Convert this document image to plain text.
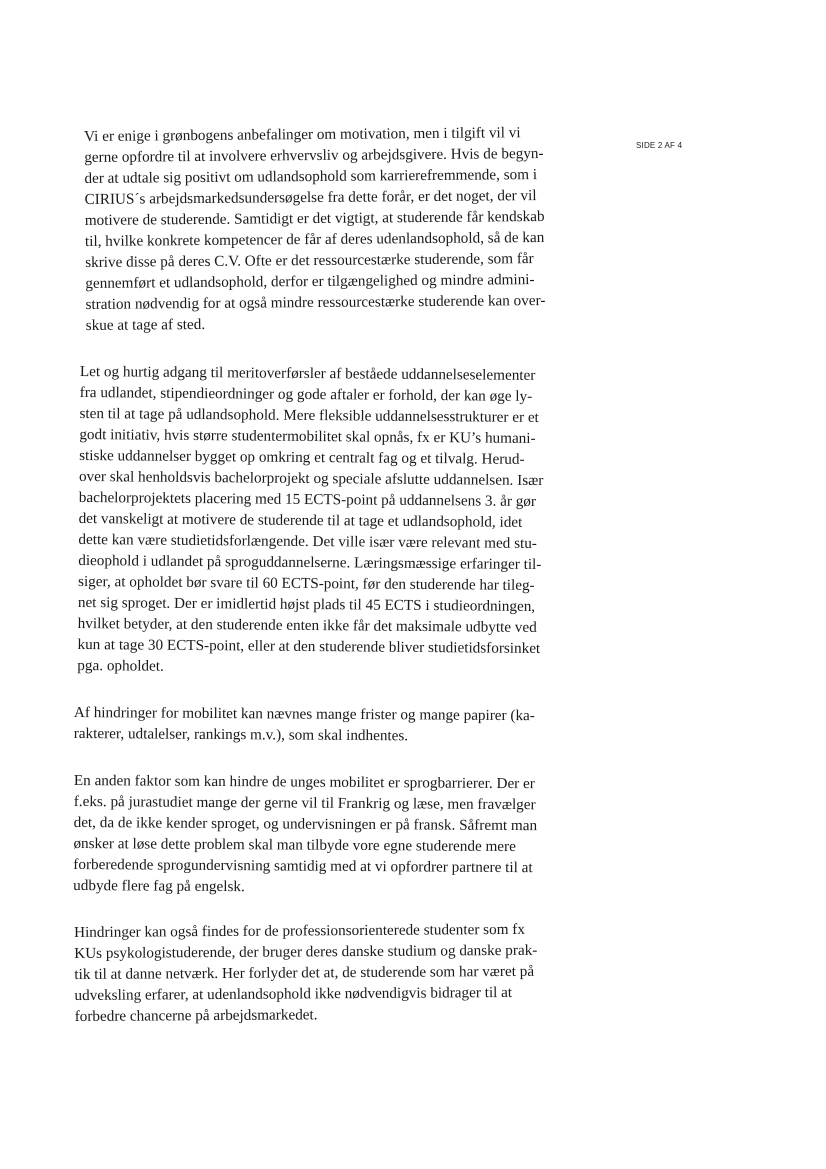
SIDE 2 AF 4

Vi er enige i grønbogens anbefalinger om motivation, men i tilgift vil vi
gerne opfordre til at involvere erhvervsliv og arbejdsgivere. Hvis de begyn-
der at udtale sig positivt om udlandsophold som karrierefremmende, som i
CIRIUS´s arbejdsmarkedsundersøgelse fra dette forår, er det noget, der vil
motivere de studerende. Samtidigt er det vigtigt, at studerende får kendskab
til, hvilke konkrete kompetencer de får af deres udenlandsophold, så de kan
skrive disse på deres C.V. Ofte er det ressourcestærke studerende, som får
gennemført et udlandsophold, derfor er tilgængelighed og mindre admini-
stration nødvendig for at også mindre ressourcestærke studerende kan over-
skue at tage af sted.

Let og hurtig adgang til meritoverførsler af beståede uddannelseselementer
fra udlandet, stipendieordninger og gode aftaler er forhold, der kan øge ly-
sten til at tage på udlandsophold. Mere fleksible uddannelsesstrukturer er et
godt initiativ, hvis større studentermobilitet skal opnås, fx er KU’s humani-
stiske uddannelser bygget op omkring et centralt fag og et tilvalg. Herud-
over skal henholdsvis bachelorprojekt og speciale afslutte uddannelsen. Især
bachelorprojektets placering med 15 ECTS-point på uddannelsens 3. år gør
det vanskeligt at motivere de studerende til at tage et udlandsophold, idet
dette kan være studietidsforlængende. Det ville især være relevant med stu-
dieophold i udlandet på sproguddannelserne. Læringsmæssige erfaringer til-
siger, at opholdet bør svare til 60 ECTS-point, før den studerende har tileg-
net sig sproget. Der er imidlertid højst plads til 45 ECTS i studieordningen,
hvilket betyder, at den studerende enten ikke får det maksimale udbytte ved
kun at tage 30 ECTS-point, eller at den studerende bliver studietidsforsinket
pga. opholdet.

Af hindringer for mobilitet kan nævnes mange frister og mange papirer (ka-
rakterer, udtalelser, rankings m.v.), som skal indhentes.

En anden faktor som kan hindre de unges mobilitet er sprogbarrierer. Der er
f.eks. på jurastudiet mange der gerne vil til Frankrig og læse, men fravælger
det, da de ikke kender sproget, og undervisningen er på fransk. Såfremt man
ønsker at løse dette problem skal man tilbyde vore egne studerende mere
forberedende sprogundervisning samtidig med at vi opfordrer partnere til at
udbyde flere fag på engelsk.

Hindringer kan også findes for de professionsorienterede studenter som fx
KUs psykologistuderende, der bruger deres danske studium og danske prak-
tik til at danne netværk. Her forlyder det at, de studerende som har været på
udveksling erfarer, at udenlandsophold ikke nødvendigvis bidrager til at
forbedre chancerne på arbejdsmarkedet.
